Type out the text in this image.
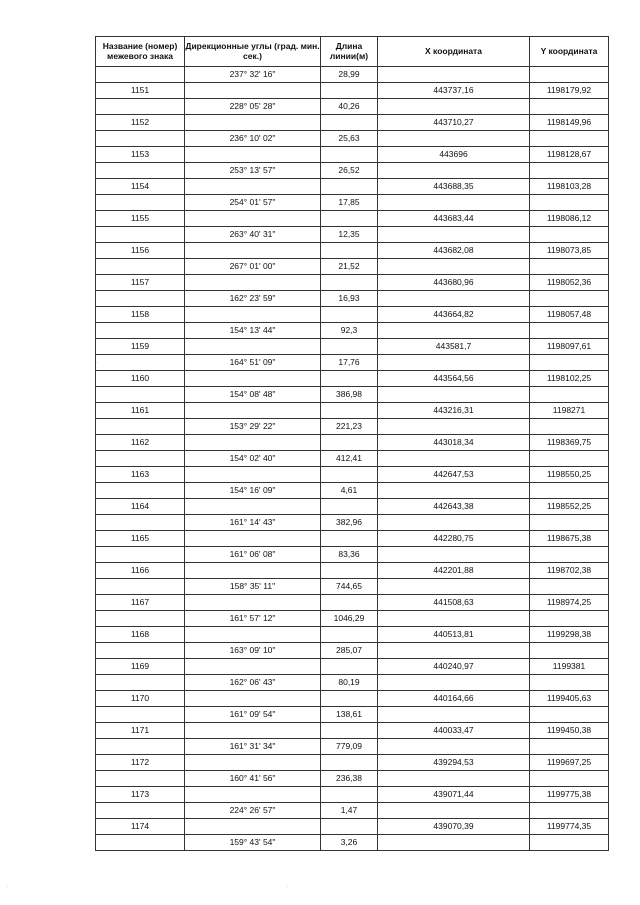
Название (номер) межевого знака	Дирекционные углы (град. мин. сек.)	Длина линии(м)	X координата	Y координата
	237° 32' 16"	28,99		
1151			443737,16	1198179,92
	228° 05' 28"	40,26		
1152			443710,27	1198149,96
	236° 10' 02"	25,63		
1153			443696	1198128,67
	253° 13' 57"	26,52		
1154			443688,35	1198103,28
	254° 01' 57"	17,85		
1155			443683,44	1198086,12
	263° 40' 31"	12,35		
1156			443682,08	1198073,85
	267° 01' 00"	21,52		
1157			443680,96	1198052,36
	162° 23' 59"	16,93		
1158			443664,82	1198057,48
	154° 13' 44"	92,3		
1159			443581,7	1198097,61
	164° 51' 09"	17,76		
1160			443564,56	1198102,25
	154° 08' 48"	386,98		
1161			443216,31	1198271
	153° 29' 22"	221,23		
1162			443018,34	1198369,75
	154° 02' 40"	412,41		
1163			442647,53	1198550,25
	154° 16' 09"	4,61		
1164			442643,38	1198552,25
	161° 14' 43"	382,96		
1165			442280,75	1198675,38
	161° 06' 08"	83,36		
1166			442201,88	1198702,38
	158° 35' 11"	744,65		
1167			441508,63	1198974,25
	161° 57' 12"	1046,29		
1168			440513,81	1199298,38
	163° 09' 10"	285,07		
1169			440240,97	1199381
	162° 06' 43"	80,19		
1170			440164,66	1199405,63
	161° 09' 54"	138,61		
1171			440033,47	1199450,38
	161° 31' 34"	779,09		
1172			439294,53	1199697,25
	160° 41' 56"	236,38		
1173			439071,44	1199775,38
	224° 26' 57"	1,47		
1174			439070,39	1199774,35
	159° 43' 54"	3,26		
·
·	·
